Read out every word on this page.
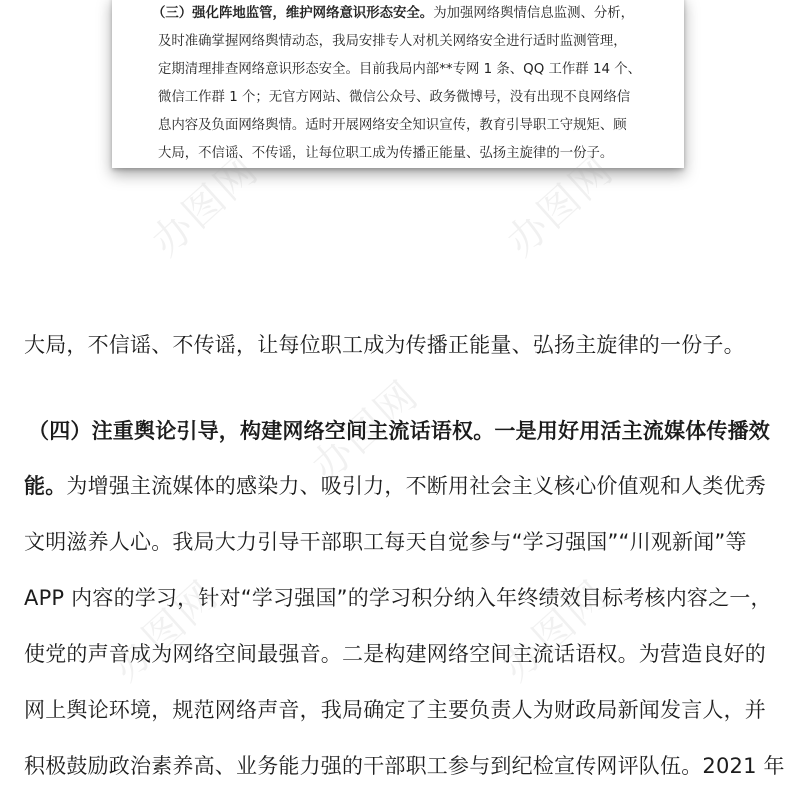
（三）强化阵地监管，维护网络意识形态安全。为加强网络舆情信息监测、分析，
及时准确掌握网络舆情动态，我局安排专人对机关网络安全进行适时监测管理，
定期清理排查网络意识形态安全。目前我局内部**专网 1 条、QQ 工作群 14 个、
微信工作群 1 个；无官方网站、微信公众号、政务微博号，没有出现不良网络信
息内容及负面网络舆情。适时开展网络安全知识宣传，教育引导职工守规矩、顾
大局，不信谣、不传谣，让每位职工成为传播正能量、弘扬主旋律的一份子。
办图网	办图网
办图网
办图网	办图网
大局，不信谣、不传谣，让每位职工成为传播正能量、弘扬主旋律的一份子。
（四）注重舆论引导，构建网络空间主流话语权。一是用好用活主流媒体传播效
能。为增强主流媒体的感染力、吸引力，不断用社会主义核心价值观和人类优秀
文明滋养人心。我局大力引导干部职工每天自觉参与“学习强国”“川观新闻”等
APP 内容的学习，针对“学习强国”的学习积分纳入年终绩效目标考核内容之一，
使党的声音成为网络空间最强音。二是构建网络空间主流话语权。为营造良好的
网上舆论环境，规范网络声音，我局确定了主要负责人为财政局新闻发言人，并
积极鼓励政治素养高、业务能力强的干部职工参与到纪检宣传网评队伍。2021 年
